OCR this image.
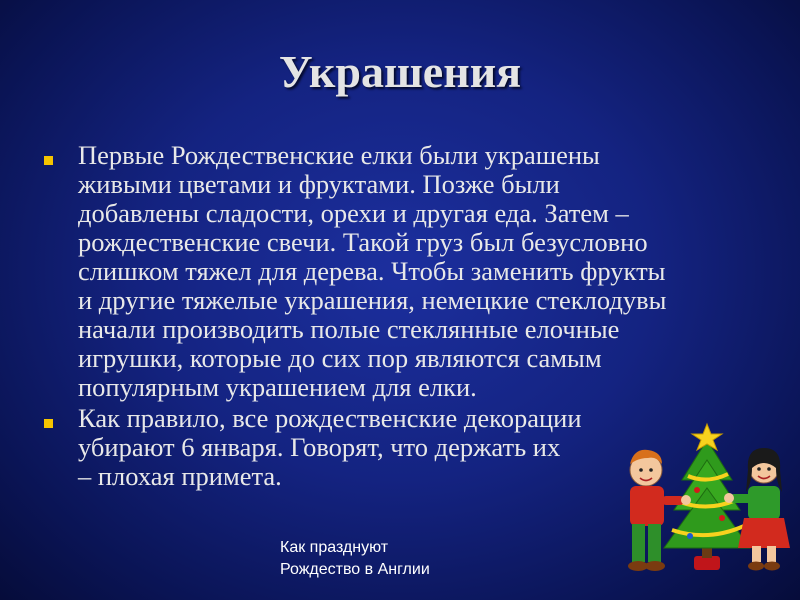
Украшения
Первые Рождественские елки были украшены
живыми цветами и фруктами. Позже были
добавлены сладости, орехи и другая еда. Затем –
рождественские свечи. Такой груз был безусловно
слишком тяжел для дерева. Чтобы заменить фрукты
и другие тяжелые украшения, немецкие стеклодувы
начали производить полые стеклянные елочные
игрушки, которые до сих пор являются самым
популярным украшением для елки.
Как правило, все рождественские декорации
убирают 6 января. Говорят, что держать их
– плохая примета.
Как празднуют
Рождество в Англии
